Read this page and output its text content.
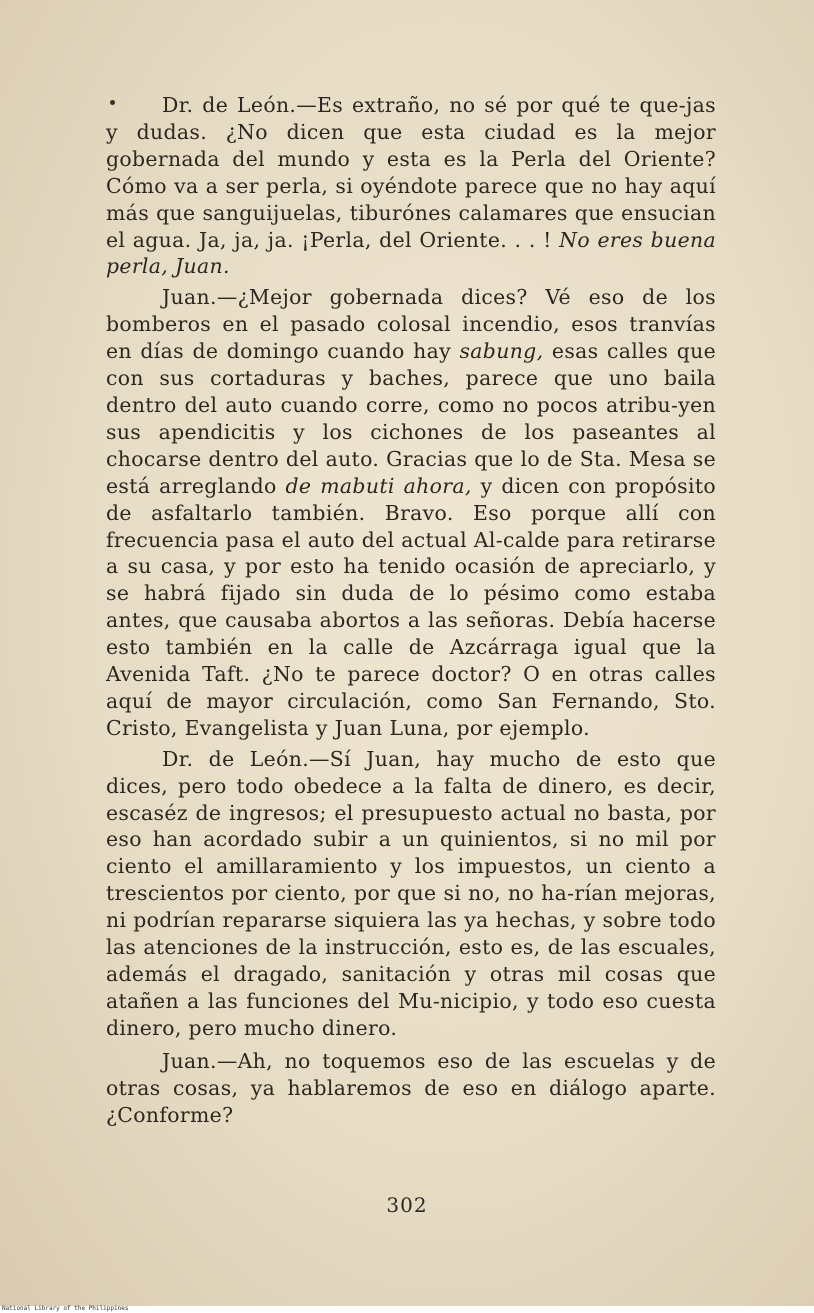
Dr. de León.—Es extraño, no sé por qué te que-jas y dudas. ¿No dicen que esta ciudad es la mejor gobernada del mundo y esta es la Perla del Oriente? Cómo va a ser perla, si oyéndote parece que no hay aquí más que sanguijuelas, tiburónes calamares que ensucian el agua. Ja, ja, ja. ¡Perla, del Oriente. . . ! No eres buena perla, Juan.

Juan.—¿Mejor gobernada dices? Vé eso de los bomberos en el pasado colosal incendio, esos tranvías en días de domingo cuando hay sabung, esas calles que con sus cortaduras y baches, parece que uno baila dentro del auto cuando corre, como no pocos atribu-yen sus apendicitis y los cichones de los paseantes al chocarse dentro del auto. Gracias que lo de Sta. Mesa se está arreglando de mabuti ahora, y dicen con propósito de asfaltarlo también. Bravo. Eso porque allí con frecuencia pasa el auto del actual Al-calde para retirarse a su casa, y por esto ha tenido ocasión de apreciarlo, y se habrá fijado sin duda de lo pésimo como estaba antes, que causaba abortos a las señoras. Debía hacerse esto también en la calle de Azcárraga igual que la Avenida Taft. ¿No te parece doctor? O en otras calles aquí de mayor circulación, como San Fernando, Sto. Cristo, Evangelista y Juan Luna, por ejemplo.

Dr. de León.—Sí Juan, hay mucho de esto que dices, pero todo obedece a la falta de dinero, es decir, escaséz de ingresos; el presupuesto actual no basta, por eso han acordado subir a un quinientos, si no mil por ciento el amillaramiento y los impuestos, un ciento a trescientos por ciento, por que si no, no ha-rían mejoras, ni podrían repararse siquiera las ya hechas, y sobre todo las atenciones de la instrucción, esto es, de las escuales, además el dragado, sanitación y otras mil cosas que atañen a las funciones del Mu-nicipio, y todo eso cuesta dinero, pero mucho dinero.

Juan.—Ah, no toquemos eso de las escuelas y de otras cosas, ya hablaremos de eso en diálogo aparte. ¿Conforme?

302
National Library of the Philippines
